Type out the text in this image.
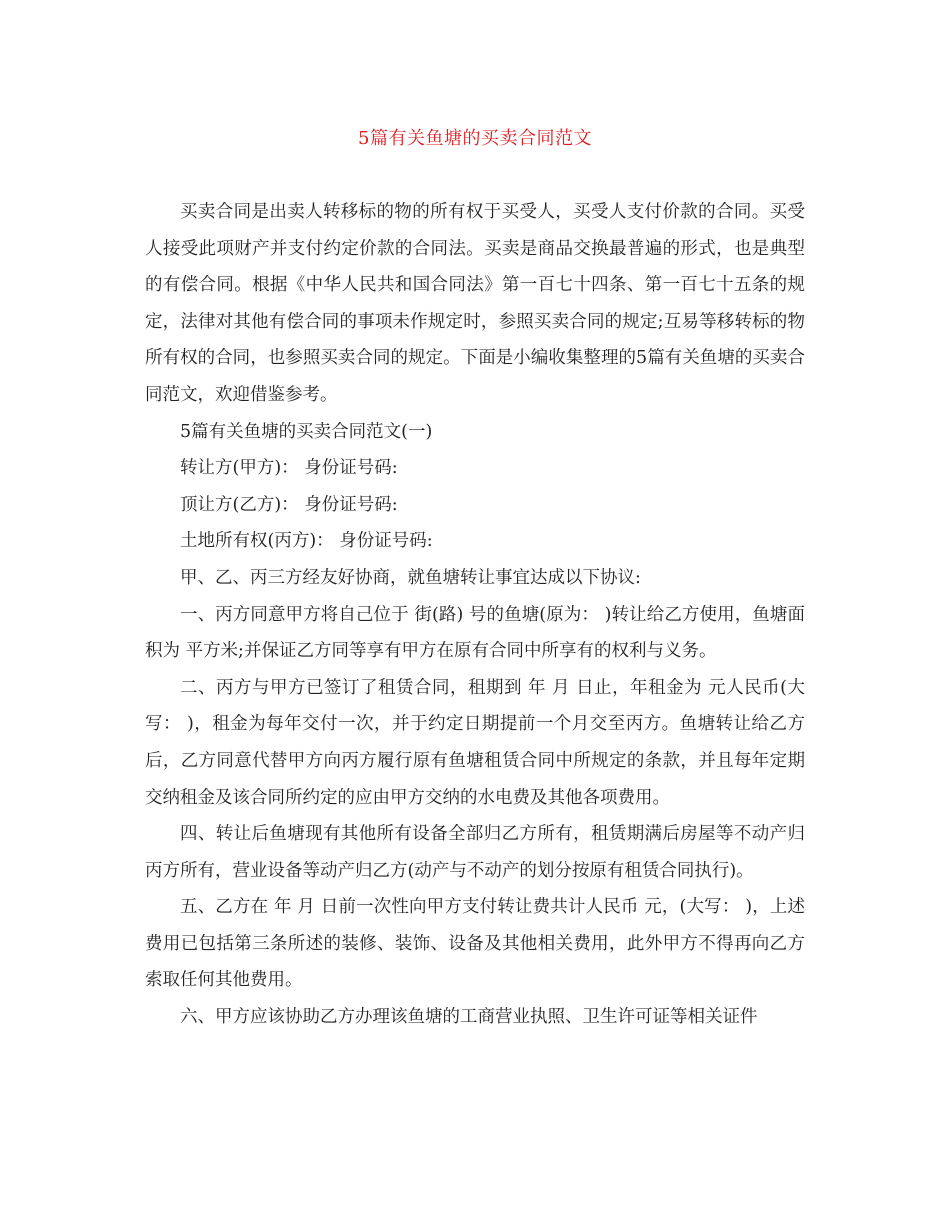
5篇有关鱼塘的买卖合同范文

买卖合同是出卖人转移标的物的所有权于买受人，买受人支付价款的合同。买受人接受此项财产并支付约定价款的合同法。买卖是商品交换最普遍的形式，也是典型的有偿合同。根据《中华人民共和国合同法》第一百七十四条、第一百七十五条的规定，法律对其他有偿合同的事项未作规定时，参照买卖合同的规定;互易等移转标的物所有权的合同，也参照买卖合同的规定。下面是小编收集整理的5篇有关鱼塘的买卖合同范文，欢迎借鉴参考。

5篇有关鱼塘的买卖合同范文(一)

转让方(甲方)： 身份证号码:

顶让方(乙方)： 身份证号码:

土地所有权(丙方)： 身份证号码:

甲、乙、丙三方经友好协商，就鱼塘转让事宜达成以下协议:

一、丙方同意甲方将自己位于 街(路) 号的鱼塘(原为： )转让给乙方使用，鱼塘面积为 平方米;并保证乙方同等享有甲方在原有合同中所享有的权利与义务。

二、丙方与甲方已签订了租赁合同，租期到 年 月 日止，年租金为 元人民币(大写： )，租金为每年交付一次，并于约定日期提前一个月交至丙方。鱼塘转让给乙方后，乙方同意代替甲方向丙方履行原有鱼塘租赁合同中所规定的条款，并且每年定期交纳租金及该合同所约定的应由甲方交纳的水电费及其他各项费用。

四、转让后鱼塘现有其他所有设备全部归乙方所有，租赁期满后房屋等不动产归丙方所有，营业设备等动产归乙方(动产与不动产的划分按原有租赁合同执行)。

五、乙方在 年 月 日前一次性向甲方支付转让费共计人民币 元，(大写： )，上述费用已包括第三条所述的装修、装饰、设备及其他相关费用，此外甲方不得再向乙方索取任何其他费用。

六、甲方应该协助乙方办理该鱼塘的工商营业执照、卫生许可证等相关证件
